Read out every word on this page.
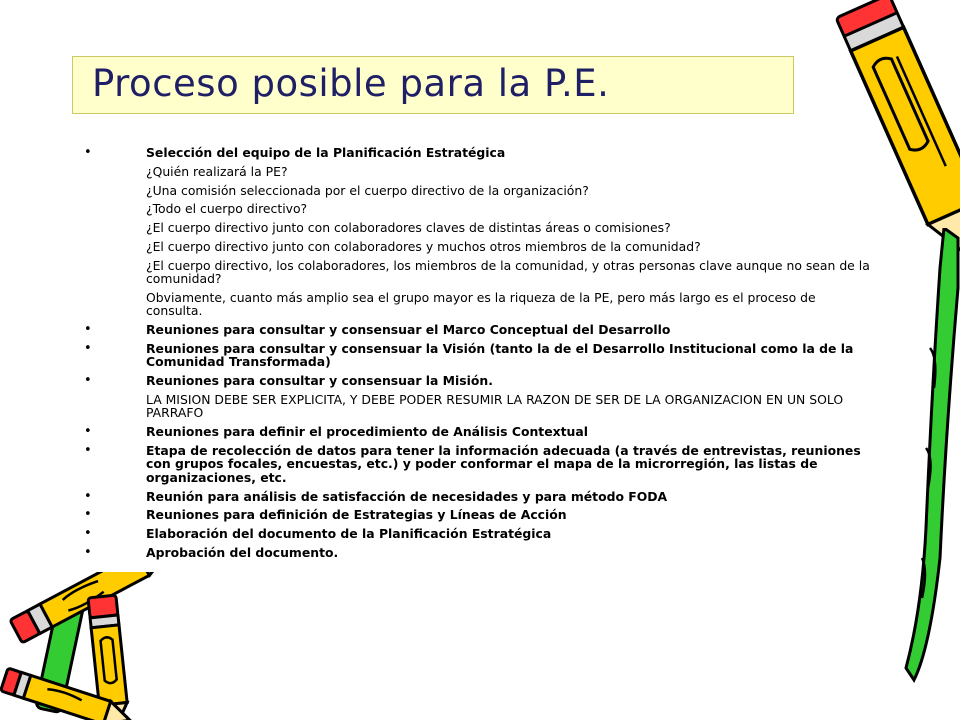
Proceso posible para la P.E.
•	Selección del equipo de la Planificación Estratégica
¿Quién realizará la PE?
¿Una comisión seleccionada por el cuerpo directivo de la organización?
¿Todo el cuerpo directivo?
¿El cuerpo directivo junto con colaboradores claves de distintas áreas o comisiones?
¿El cuerpo directivo junto con colaboradores y muchos otros miembros de la comunidad?
¿El cuerpo directivo, los colaboradores, los miembros de la comunidad, y otras personas clave aunque no sean de la comunidad?
Obviamente, cuanto más amplio sea el grupo mayor es la riqueza de la PE, pero más largo es el proceso de consulta.
•	Reuniones para consultar y consensuar el Marco Conceptual del Desarrollo
•	Reuniones para consultar y consensuar la Visión (tanto la de el Desarrollo Institucional como la de la Comunidad Transformada)
•	Reuniones para consultar y consensuar la Misión.
LA MISION DEBE SER EXPLICITA, Y DEBE PODER RESUMIR LA RAZON DE SER DE LA ORGANIZACION EN UN SOLO PARRAFO
•	Reuniones para definir el procedimiento de Análisis Contextual
•	Etapa de recolección de datos para tener la información adecuada (a través de entrevistas, reuniones con grupos focales, encuestas, etc.) y poder conformar el mapa de la microrregión, las listas de organizaciones, etc.
•	Reunión para análisis de satisfacción de necesidades y para método FODA
•	Reuniones para definición de Estrategias y Líneas de Acción
•	Elaboración del documento de la Planificación Estratégica
•	Aprobación del documento.
